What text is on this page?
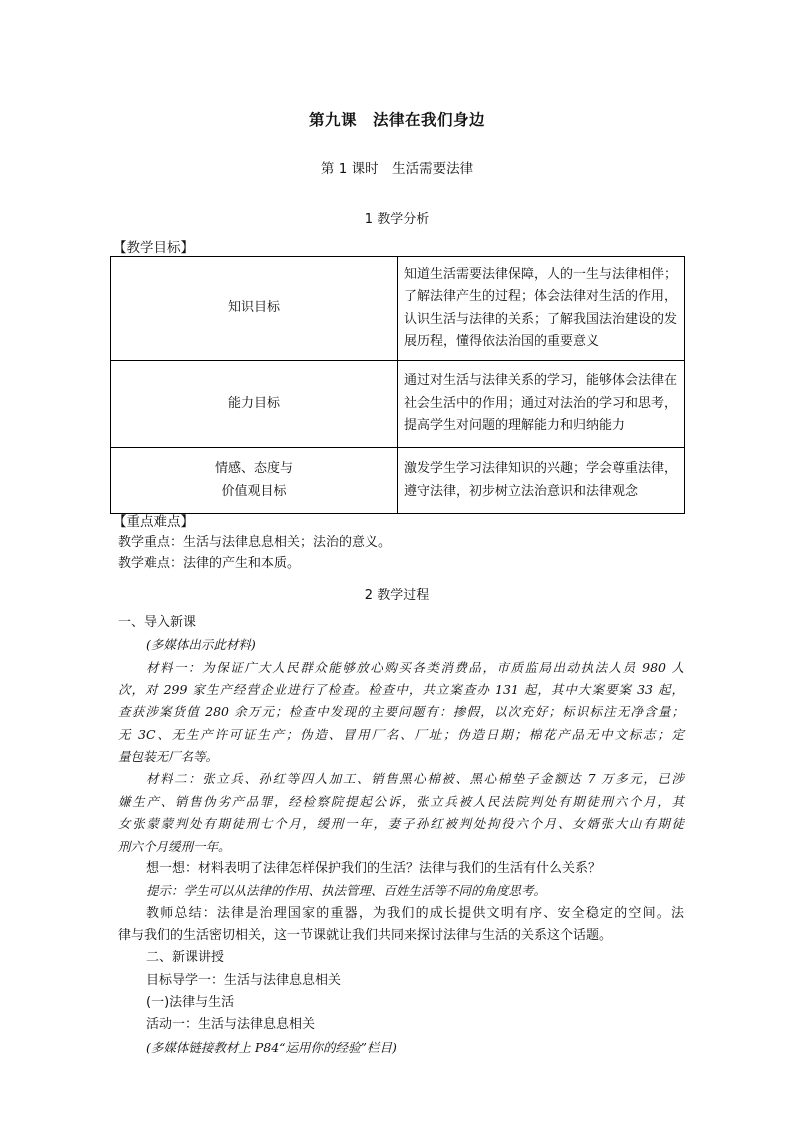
第九课　法律在我们身边
第 1 课时　生活需要法律
1 教学分析
【教学目标】
知识目标	知道生活需要法律保障，人的一生与法律相伴；了解法律产生的过程；体会法律对生活的作用，认识生活与法律的关系；了解我国法治建设的发展历程，懂得依法治国的重要意义

能力目标	通过对生活与法律关系的学习，能够体会法律在社会生活中的作用；通过对法治的学习和思考，提高学生对问题的理解能力和归纳能力

情感、态度与
价值观目标	激发学生学习法律知识的兴趣；学会尊重法律，遵守法律，初步树立法治意识和法律观念
【重点难点】
教学重点：生活与法律息息相关；法治的意义。
教学难点：法律的产生和本质。
2 教学过程
一、导入新课
(多媒体出示此材料)
材料一：为保证广大人民群众能够放心购买各类消费品，市质监局出动执法人员 980 人
次，对 299 家生产经营企业进行了检查。检查中，共立案查办 131 起，其中大案要案 33 起，
查获涉案货值 280 余万元；检查中发现的主要问题有：掺假，以次充好；标识标注无净含量；
无 3C、无生产许可证生产；伪造、冒用厂名、厂址；伪造日期；棉花产品无中文标志；定
量包装无厂名等。
材料二：张立兵、孙红等四人加工、销售黑心棉被、黑心棉垫子金额达 7 万多元，已涉
嫌生产、销售伪劣产品罪，经检察院提起公诉，张立兵被人民法院判处有期徒刑六个月，其
女张蒙蒙判处有期徒刑七个月，缓刑一年，妻子孙红被判处拘役六个月、女婿张大山有期徒
刑六个月缓刑一年。
想一想：材料表明了法律怎样保护我们的生活？法律与我们的生活有什么关系？
提示：学生可以从法律的作用、执法管理、百姓生活等不同的角度思考。
教师总结：法律是治理国家的重器，为我们的成长提供文明有序、安全稳定的空间。法
律与我们的生活密切相关，这一节课就让我们共同来探讨法律与生活的关系这个话题。
二、新课讲授
目标导学一：生活与法律息息相关
(一)法律与生活
活动一：生活与法律息息相关
(多媒体链接教材上 P84“运用你的经验”栏目)
